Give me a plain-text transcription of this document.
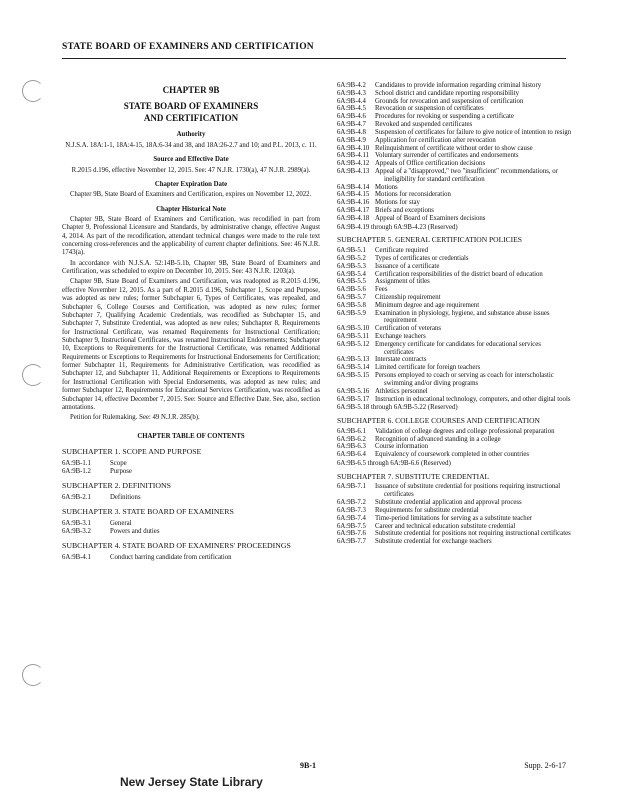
STATE BOARD OF EXAMINERS AND CERTIFICATION
CHAPTER 9B
STATE BOARD OF EXAMINERS
AND CERTIFICATION
Authority

N.J.S.A. 18A:1-1, 18A:4-15, 18A:6-34 and 38, and 18A:26-2.7 and 10; and P.L. 2013, c. 11.

Source and Effective Date

R.2015 d.196, effective November 12, 2015. See: 47 N.J.R. 1730(a), 47 N.J.R. 2989(a).

Chapter Expiration Date

Chapter 9B, State Board of Examiners and Certification, expires on November 12, 2022.

Chapter Historical Note

Chapter 9B, State Board of Examiners and Certification, was recodified in part from Chapter 9, Professional Licensure and Standards, by administrative change, effective August 4, 2014. As part of the recodification, attendant technical changes were made to the rule text concerning cross-references and the applicability of current chapter definitions. See: 46 N.J.R. 1743(a).

In accordance with N.J.S.A. 52:14B-5.1b, Chapter 9B, State Board of Examiners and Certification, was scheduled to expire on December 10, 2015. See: 43 N.J.R. 1203(a).

Chapter 9B, State Board of Examiners and Certification, was readopted as R.2015 d.196, effective November 12, 2015. As a part of R.2015 d.196, Subchapter 1, Scope and Purpose, was adopted as new rules; former Subchapter 6, Types of Certificates, was repealed, and Subchapter 6, College Courses and Certification, was adopted as new rules; former Subchapter 7, Qualifying Academic Credentials, was recodified as Subchapter 15, and Subchapter 7, Substitute Credential, was adopted as new rules; Subchapter 8, Requirements for Instructional Certificate, was renamed Requirements for Instructional Certification; Subchapter 9, Instructional Certificates, was renamed Instructional Endorsements; Subchapter 10, Exceptions to Requirements for the Instructional Certificate, was renamed Additional Requirements or Exceptions to Requirements for Instructional Endorsements for Certification; former Subchapter 11, Requirements for Administrative Certification, was recodified as Subchapter 12, and Subchapter 11, Additional Requirements or Exceptions to Requirements for Instructional Certification with Special Endorsements, was adopted as new rules; and former Subchapter 12, Requirements for Educational Services Certification, was recodified as Subchapter 14, effective December 7, 2015. See: Source and Effective Date. See, also, section annotations.

Petition for Rulemaking. See: 49 N.J.R. 285(b).

CHAPTER TABLE OF CONTENTS
SUBCHAPTER 1. SCOPE AND PURPOSE
6A:9B-1.1	Scope
6A:9B-1.2	Purpose
SUBCHAPTER 2. DEFINITIONS
6A:9B-2.1	Definitions
SUBCHAPTER 3. STATE BOARD OF EXAMINERS
6A:9B-3.1	General
6A:9B-3.2	Powers and duties
SUBCHAPTER 4. STATE BOARD OF EXAMINERS' PROCEEDINGS
6A:9B-4.1	Conduct barring candidate from certification
6A:9B-4.2	Candidates to provide information regarding criminal history
6A:9B-4.3	School district and candidate reporting responsibility
6A:9B-4.4	Grounds for revocation and suspension of certification
6A:9B-4.5	Revocation or suspension of certificates
6A:9B-4.6	Procedures for revoking or suspending a certificate
6A:9B-4.7	Revoked and suspended certificates
6A:9B-4.8	Suspension of certificates for failure to give notice of intention to resign
6A:9B-4.9	Application for certification after revocation
6A:9B-4.10 Relinquishment of certificate without order to show cause
6A:9B-4.11 Voluntary surrender of certificates and endorsements
6A:9B-4.12 Appeals of Office certification decisions
6A:9B-4.13 Appeal of a "disapproved," two "insufficient" recommendations, or ineligibility for standard certification
6A:9B-4.14 Motions
6A:9B-4.15 Motions for reconsideration
6A:9B-4.16 Motions for stay
6A:9B-4.17 Briefs and exceptions
6A:9B-4.18 Appeal of Board of Examiners decisions
6A:9B-4.19 through 6A:9B-4.23 (Reserved)
SUBCHAPTER 5. GENERAL CERTIFICATION POLICIES
6A:9B-5.1	Certificate required
6A:9B-5.2	Types of certificates or credentials
6A:9B-5.3	Issuance of a certificate
6A:9B-5.4	Certification responsibilities of the district board of education
6A:9B-5.5	Assignment of titles
6A:9B-5.6	Fees
6A:9B-5.7	Citizenship requirement
6A:9B-5.8	Minimum degree and age requirement
6A:9B-5.9	Examination in physiology, hygiene, and substance abuse issues requirement
6A:9B-5.10 Certification of veterans
6A:9B-5.11 Exchange teachers
6A:9B-5.12 Emergency certificate for candidates for educational services certificates
6A:9B-5.13 Interstate contracts
6A:9B-5.14 Limited certificate for foreign teachers
6A:9B-5.15 Persons employed to coach or serving as coach for interscholastic swimming and/or diving programs
6A:9B-5.16 Athletics personnel
6A:9B-5.17 Instruction in educational technology, computers, and other digital tools
6A:9B-5.18 through 6A:9B-5.22 (Reserved)
SUBCHAPTER 6. COLLEGE COURSES AND CERTIFICATION
6A:9B-6.1	Validation of college degrees and college professional preparation
6A:9B-6.2	Recognition of advanced standing in a college
6A:9B-6.3	Course information
6A:9B-6.4	Equivalency of coursework completed in other countries
6A:9B-6.5 through 6A:9B-6.6 (Reserved)
SUBCHAPTER 7. SUBSTITUTE CREDENTIAL
6A:9B-7.1	Issuance of substitute credential for positions requiring instructional certificates
6A:9B-7.2	Substitute credential application and approval process
6A:9B-7.3	Requirements for substitute credential
6A:9B-7.4	Time-period limitations for serving as a substitute teacher
6A:9B-7.5	Career and technical education substitute credential
6A:9B-7.6	Substitute credential for positions not requiring instructional certificates
6A:9B-7.7	Substitute credential for exchange teachers
9B-1	Supp. 2-6-17
New Jersey State Library
